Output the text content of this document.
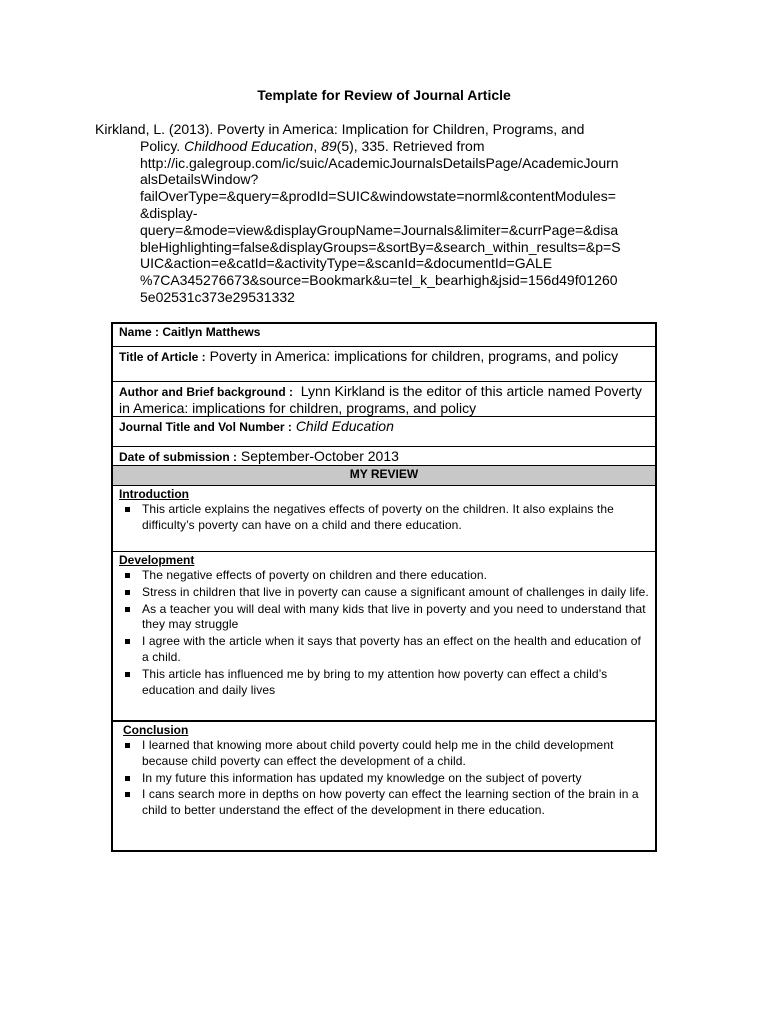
Template for Review of Journal Article
Kirkland, L. (2013). Poverty in America: Implication for Children, Programs, and
Policy. Childhood Education, 89(5), 335. Retrieved from
http://ic.galegroup.com/ic/suic/AcademicJournalsDetailsPage/AcademicJourn
alsDetailsWindow?
failOverType=&query=&prodId=SUIC&windowstate=norml&contentModules=
&display-
query=&mode=view&displayGroupName=Journals&limiter=&currPage=&disa
bleHighlighting=false&displayGroups=&sortBy=&search_within_results=&p=S
UIC&action=e&catId=&activityType=&scanId=&documentId=GALE
%7CA345276673&source=Bookmark&u=tel_k_bearhigh&jsid=156d49f01260
5e02531c373e29531332
Name : Caitlyn Matthews
Title of Article : Poverty in America: implications for children, programs, and policy
Author and Brief background : Lynn Kirkland is the editor of this article named Poverty in America: implications for children, programs, and policy
Journal Title and Vol Number : Child Education
Date of submission : September-October 2013
MY REVIEW
Introduction
This article explains the negatives effects of poverty on the children. It also explains the difficulty’s poverty can have on a child and there education.
Development
The negative effects of poverty on children and there education.
Stress in children that live in poverty can cause a significant amount of challenges in daily life.
As a teacher you will deal with many kids that live in poverty and you need to understand that they may struggle
I agree with the article when it says that poverty has an effect on the health and education of a child.
This article has influenced me by bring to my attention how poverty can effect a child’s education and daily lives
Conclusion
I learned that knowing more about child poverty could help me in the child development because child poverty can effect the development of a child.
In my future this information has updated my knowledge on the subject of poverty
I cans search more in depths on how poverty can effect the learning section of the brain in a child to better understand the effect of the development in there education.
